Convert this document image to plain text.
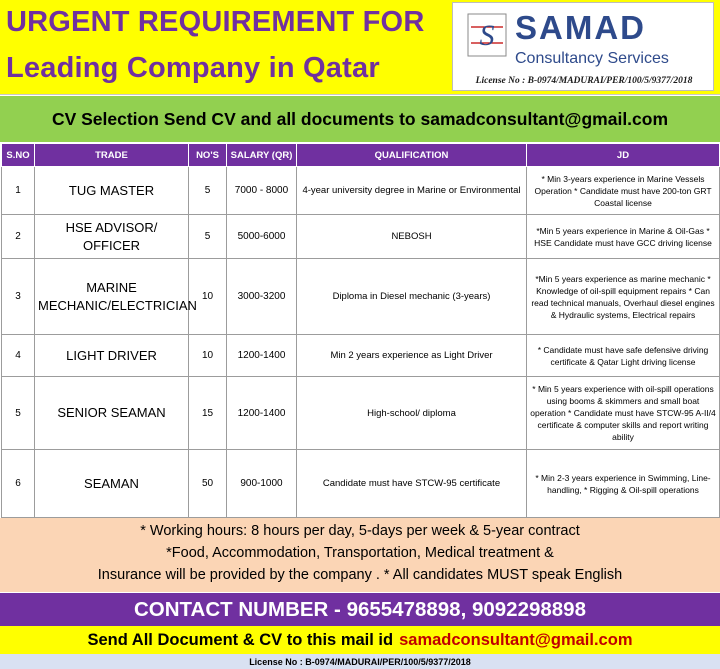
URGENT REQUIREMENT FOR
Leading Company in Qatar
S SAMAD
Consultancy Services
License No : B-0974/MADURAI/PER/100/5/9377/2018
CV Selection Send CV and all documents to samadconsultant@gmail.com
S.NO	TRADE	NO'S	SALARY (QR)	QUALIFICATION	JD
1	TUG MASTER	5	7000 - 8000	4-year university degree in Marine or Environmental	* Min 3-years experience in Marine Vessels Operation * Candidate must have 200-ton GRT Coastal license
2	HSE ADVISOR/ OFFICER	5	5000-6000	NEBOSH	*Min 5 years experience in Marine & Oil-Gas * HSE Candidate must have GCC driving license
3	MARINE MECHANIC/ELECTRICIAN	10	3000-3200	Diploma in Diesel mechanic (3-years)	*Min 5 years experience as marine mechanic * Knowledge of oil-spill equipment repairs * Can read technical manuals, Overhaul diesel engines & Hydraulic systems, Electrical repairs
4	LIGHT DRIVER	10	1200-1400	Min 2 years experience as Light Driver	* Candidate must have safe defensive driving certificate & Qatar Light driving license
5	SENIOR SEAMAN	15	1200-1400	High-school/ diploma	* Min 5 years experience with oil-spill operations using booms & skimmers and small boat operation * Candidate must have STCW-95 A-II/4 certificate & computer skills and report writing ability
6	SEAMAN	50	900-1000	Candidate must have STCW-95 certificate	* Min 2-3 years experience in Swimming, Line-handling, * Rigging & Oil-spill operations
* Working hours: 8 hours per day, 5-days per week & 5-year contract
*Food, Accommodation, Transportation, Medical treatment &
Insurance will be provided by the company . * All candidates MUST speak English
CONTACT NUMBER - 9655478898, 9092298898
Send All Document & CV to this mail id samadconsultant@gmail.com
License No : B-0974/MADURAI/PER/100/5/9377/2018
